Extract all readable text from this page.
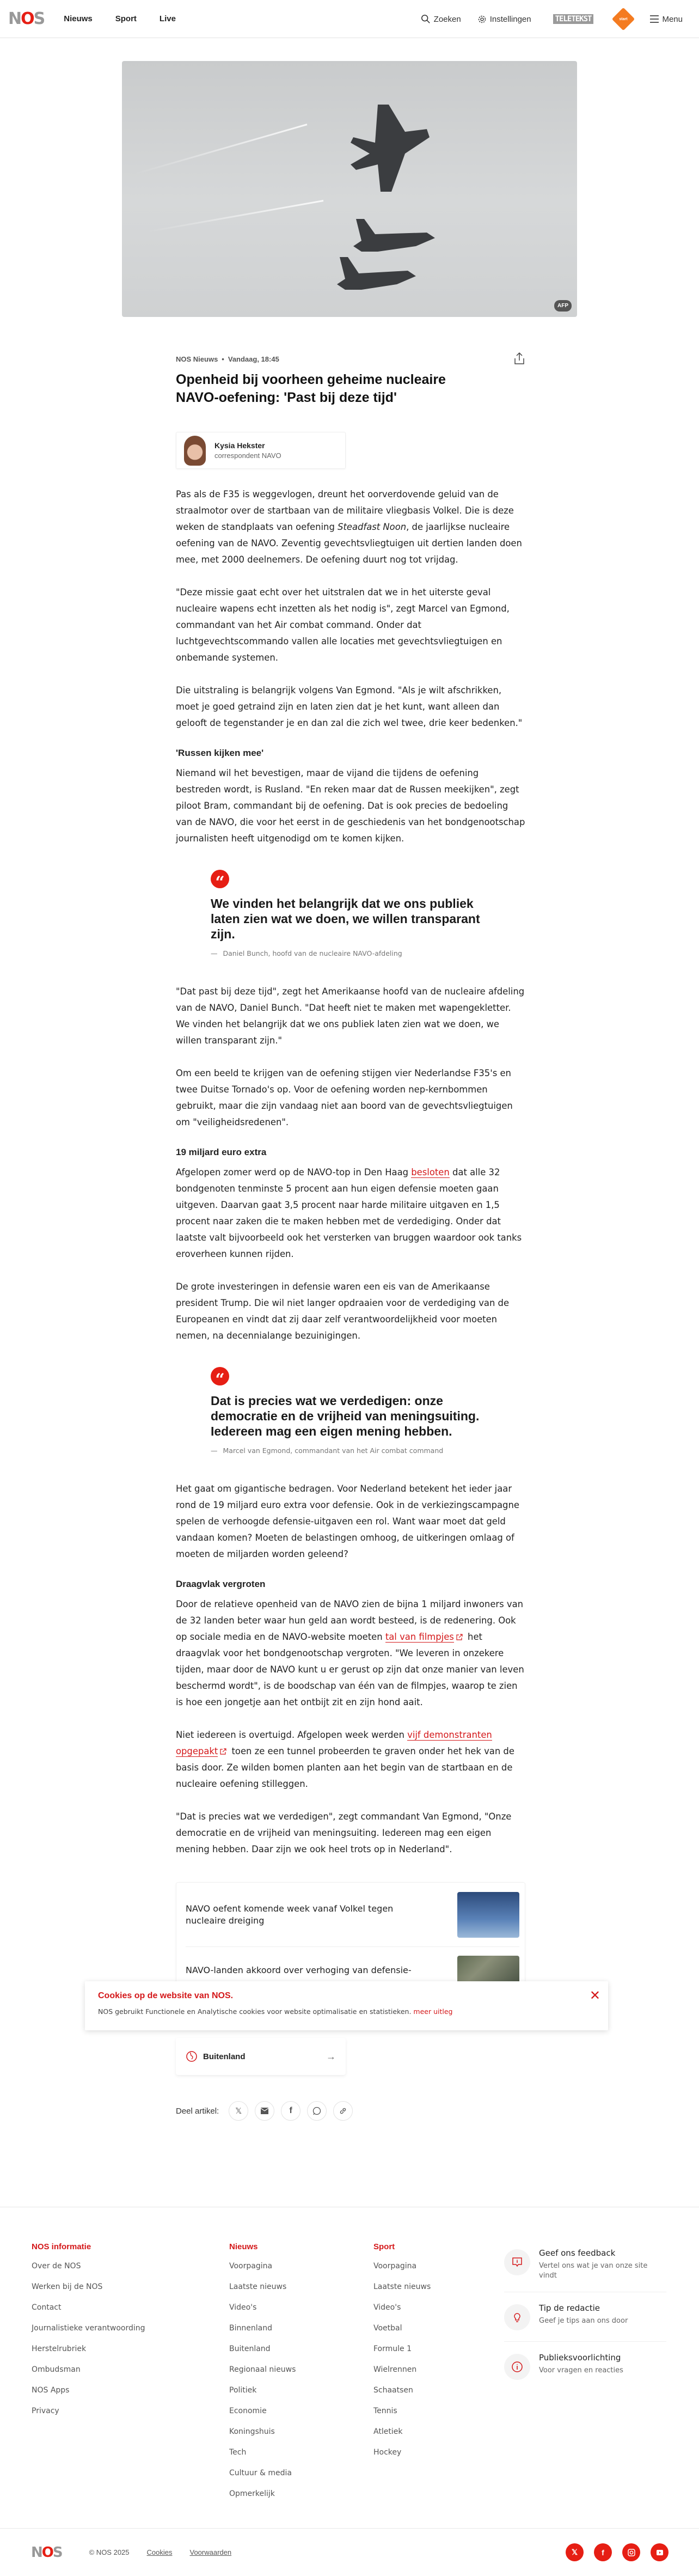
N O S Nieuws	Sport	Live	Zoeken	Instellingen	TELETEKST	start	Menu
AFP
NOS Nieuws • Vandaag, 18:45
Openheid bij voorheen geheime nucleaire NAVO-oefening: 'Past bij deze tijd'
Kysia Hekster
correspondent NAVO

Pas als de F35 is weggevlogen, dreunt het oorverdovende geluid van de straalmotor over de startbaan van de militaire vliegbasis Volkel. Die is deze weken de standplaats van oefening Steadfast Noon, de jaarlijkse nucleaire oefening van de NAVO. Zeventig gevechtsvliegtuigen uit dertien landen doen mee, met 2000 deelnemers. De oefening duurt nog tot vrijdag.

"Deze missie gaat echt over het uitstralen dat we in het uiterste geval nucleaire wapens echt inzetten als het nodig is", zegt Marcel van Egmond, commandant van het Air combat command. Onder dat luchtgevechtscommando vallen alle locaties met gevechtsvliegtuigen en onbemande systemen.

Die uitstraling is belangrijk volgens Van Egmond. "Als je wilt afschrikken, moet je goed getraind zijn en laten zien dat je het kunt, want alleen dan gelooft de tegenstander je en dan zal die zich wel twee, drie keer bedenken."

'Russen kijken mee'

Niemand wil het bevestigen, maar de vijand die tijdens de oefening bestreden wordt, is Rusland. "En reken maar dat de Russen meekijken", zegt piloot Bram, commandant bij de oefening. Dat is ook precies de bedoeling van de NAVO, die voor het eerst in de geschiedenis van het bondgenootschap journalisten heeft uitgenodigd om te komen kijken.

“
We vinden het belangrijk dat we ons publiek laten zien wat we doen, we willen transparant zijn.
— Daniel Bunch, hoofd van de nucleaire NAVO-afdeling

"Dat past bij deze tijd", zegt het Amerikaanse hoofd van de nucleaire afdeling van de NAVO, Daniel Bunch. "Dat heeft niet te maken met wapengekletter. We vinden het belangrijk dat we ons publiek laten zien wat we doen, we willen transparant zijn."

Om een beeld te krijgen van de oefening stijgen vier Nederlandse F35's en twee Duitse Tornado's op. Voor de oefening worden nep-kernbommen gebruikt, maar die zijn vandaag niet aan boord van de gevechtsvliegtuigen om "veiligheidsredenen".

19 miljard euro extra

Afgelopen zomer werd op de NAVO-top in Den Haag besloten dat alle 32 bondgenoten tenminste 5 procent aan hun eigen defensie moeten gaan uitgeven. Daarvan gaat 3,5 procent naar harde militaire uitgaven en 1,5 procent naar zaken die te maken hebben met de verdediging. Onder dat laatste valt bijvoorbeeld ook het versterken van bruggen waardoor ook tanks eroverheen kunnen rijden.

De grote investeringen in defensie waren een eis van de Amerikaanse president Trump. Die wil niet langer opdraaien voor de verdediging van de Europeanen en vindt dat zij daar zelf verantwoordelijkheid voor moeten nemen, na decennialange bezuinigingen.

“
Dat is precies wat we verdedigen: onze democratie en de vrijheid van meningsuiting. Iedereen mag een eigen mening hebben.
— Marcel van Egmond, commandant van het Air combat command

Het gaat om gigantische bedragen. Voor Nederland betekent het ieder jaar rond de 19 miljard euro extra voor defensie. Ook in de verkiezingscampagne spelen de verhoogde defensie-uitgaven een rol. Want waar moet dat geld vandaan komen? Moeten de belastingen omhoog, de uitkeringen omlaag of moeten de miljarden worden geleend?

Draagvlak vergroten

Door de relatieve openheid van de NAVO zien de bijna 1 miljard inwoners van de 32 landen beter waar hun geld aan wordt besteed, is de redenering. Ook op sociale media en de NAVO-website moeten tal van filmpjes het draagvlak voor het bondgenootschap vergroten. "We leveren in onzekere tijden, maar door de NAVO kunt u er gerust op zijn dat onze manier van leven beschermd wordt", is de boodschap van één van de filmpjes, waarop te zien is hoe een jongetje aan het ontbijt zit en zijn hond aait.

Niet iedereen is overtuigd. Afgelopen week werden vijf demonstranten opgepakt toen ze een tunnel probeerden te graven onder het hek van de basis door. Ze wilden bomen planten aan het begin van de startbaan en de nucleaire oefening stilleggen.

"Dat is precies wat we verdedigen", zegt commandant Van Egmond, "Onze democratie en de vrijheid van meningsuiting. Iedereen mag een eigen mening hebben. Daar zijn we ook heel trots op in Nederland".

NAVO oefent komende week vanaf Volkel tegen nucleaire dreiging
NAVO-landen akkoord over verhoging van defensie-
Cookies op de website van NOS.
NOS gebruikt Functionele en Analytische cookies voor website optimalisatie en statistieken. meer uitleg
✕
Buitenland	→
Deel artikel: 𝕏	f
NOS informatie
Over de NOS
Werken bij de NOS
Contact
Journalistieke verantwoording
Herstelrubriek
Ombudsman
NOS Apps
Privacy
Nieuws
Voorpagina
Laatste nieuws
Video's
Binnenland
Buitenland
Regionaal nieuws
Politiek
Economie
Koningshuis
Tech
Cultuur & media
Opmerkelijk
Sport
Voorpagina
Laatste nieuws
Video's
Voetbal
Formule 1
Wielrennen
Schaatsen
Tennis
Atletiek
Hockey
Geef ons feedback
Vertel ons wat je van onze site vindt
Tip de redactie
Geef je tips aan ons door
Publieksvoorlichting
Voor vragen en reacties
N O S	© NOS 2025 Cookies Voorwaarden	𝕏	f
